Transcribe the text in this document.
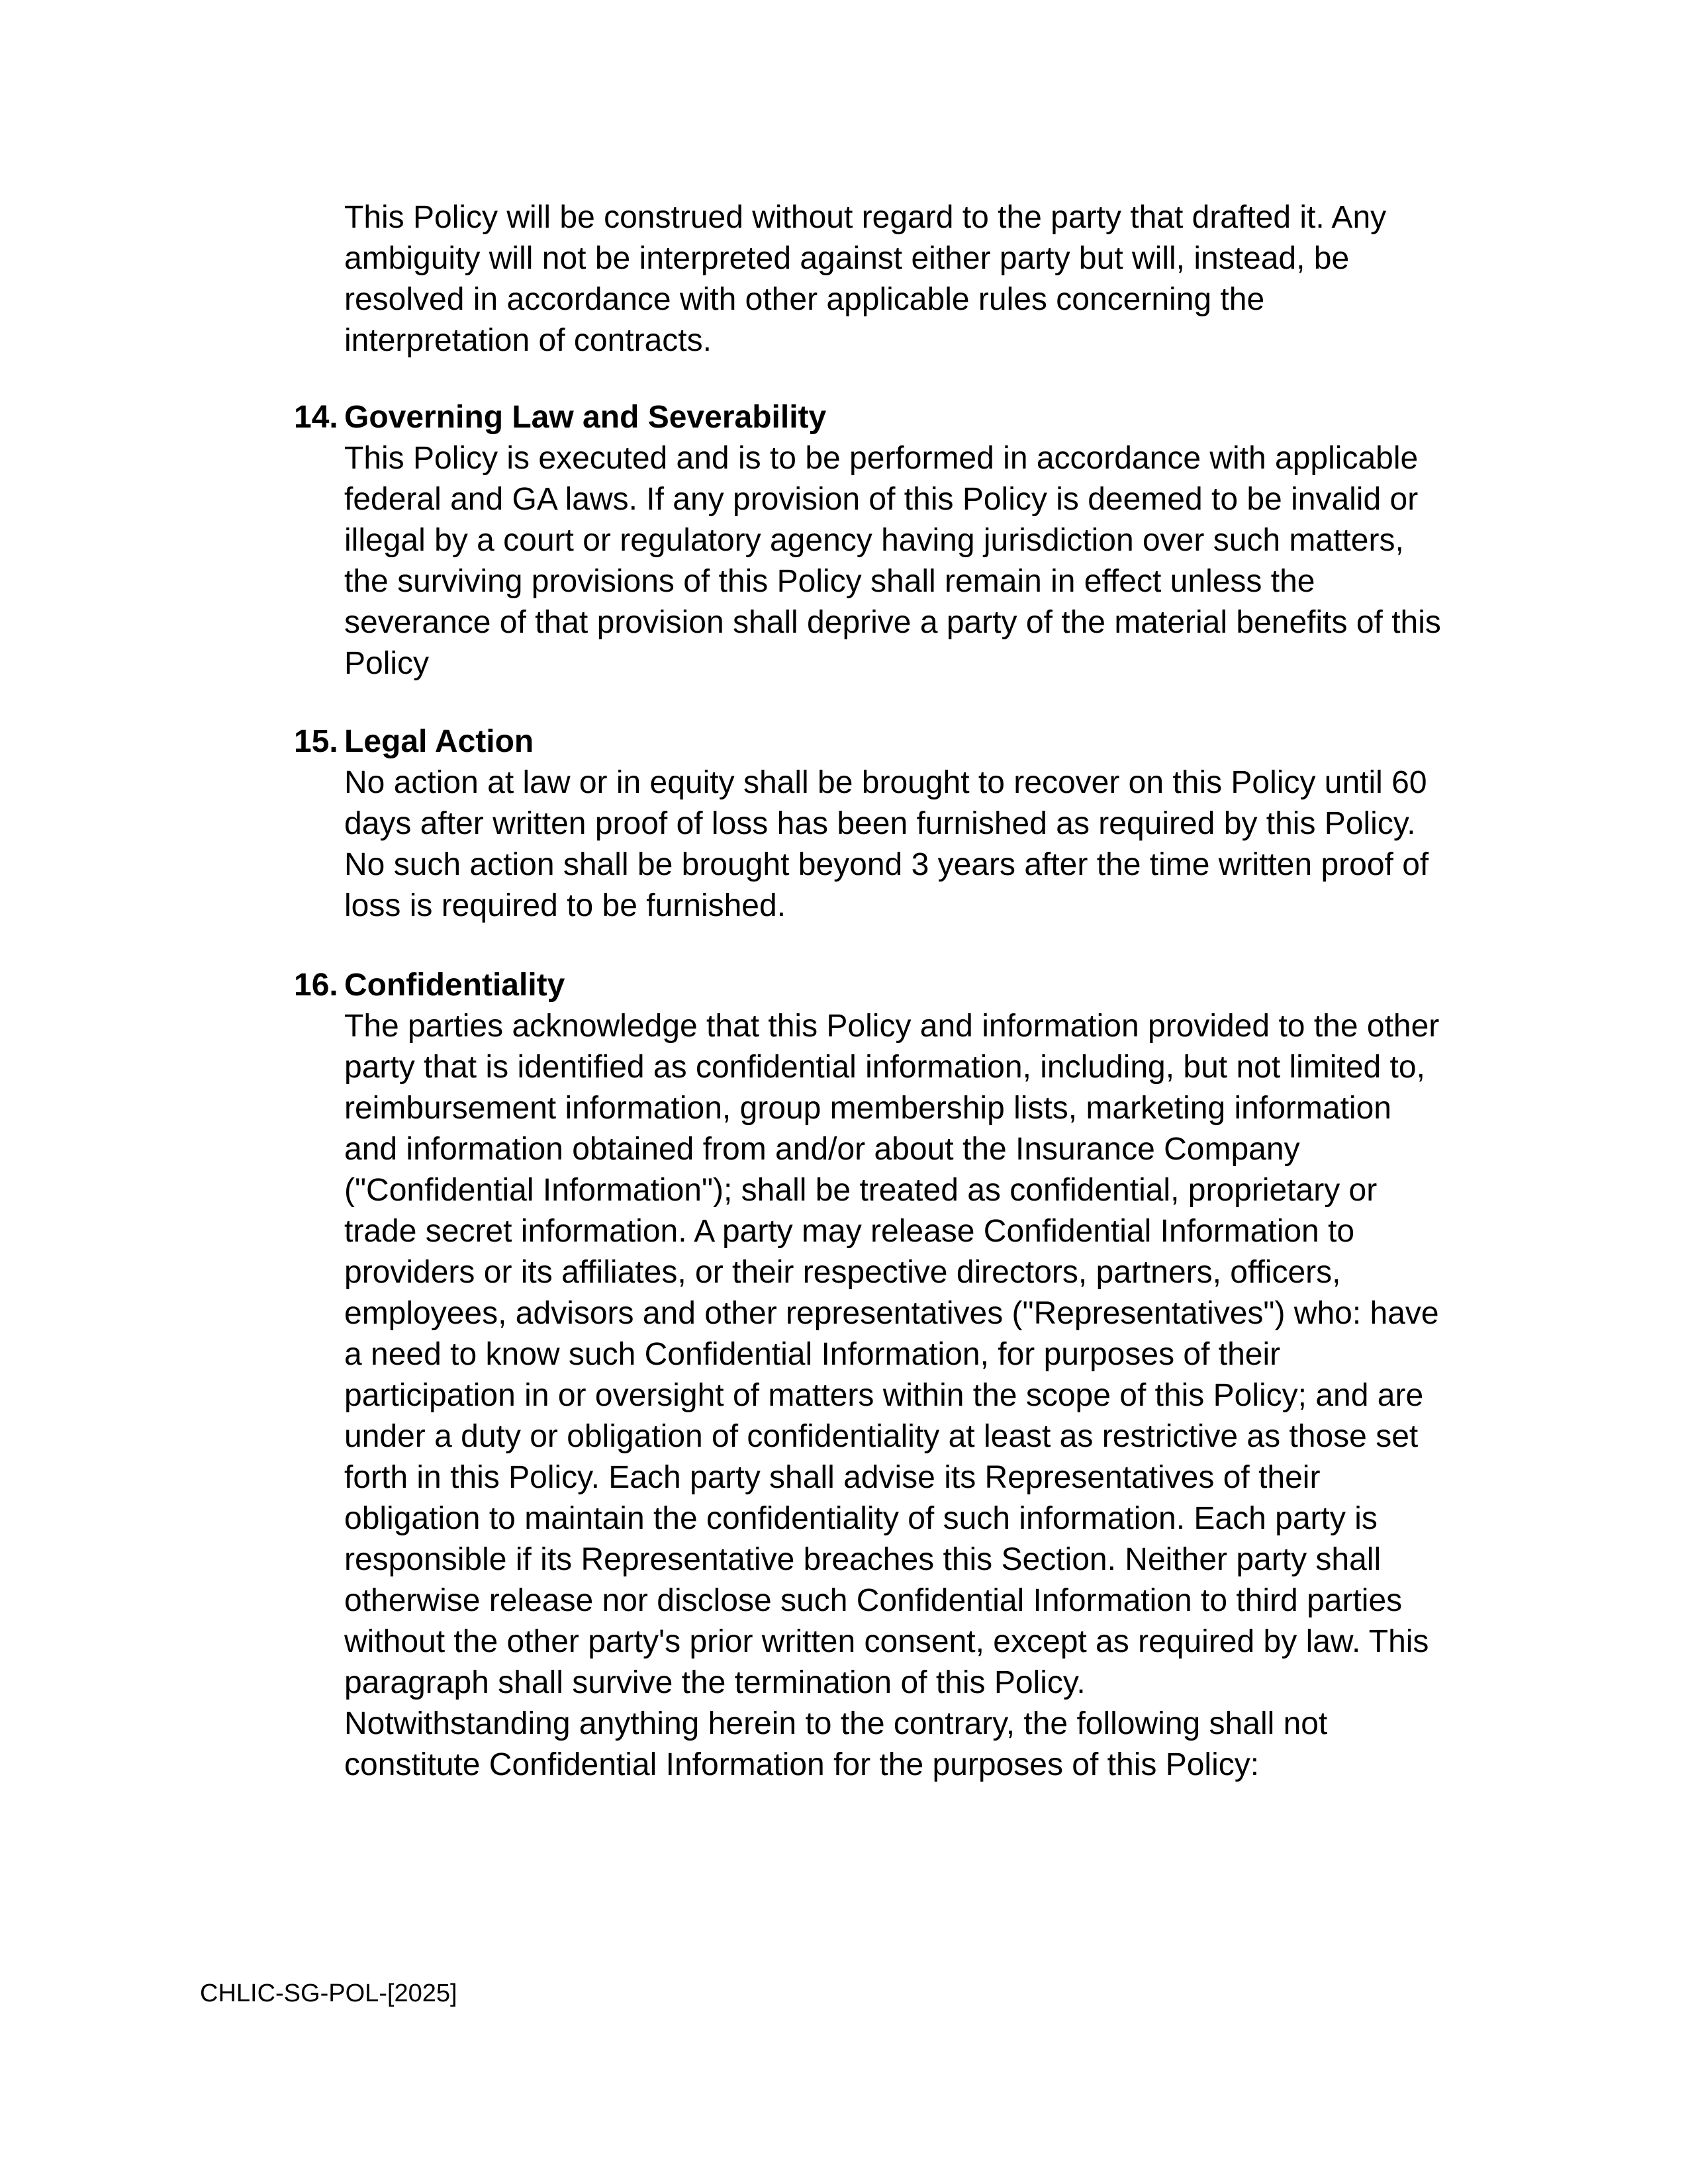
This Policy will be construed without regard to the party that drafted it. Any
ambiguity will not be interpreted against either party but will, instead, be
resolved in accordance with other applicable rules concerning the
interpretation of contracts.
14. Governing Law and Severability
This Policy is executed and is to be performed in accordance with applicable
federal and GA laws. If any provision of this Policy is deemed to be invalid or
illegal by a court or regulatory agency having jurisdiction over such matters,
the surviving provisions of this Policy shall remain in effect unless the
severance of that provision shall deprive a party of the material benefits of this
Policy
15. Legal Action
No action at law or in equity shall be brought to recover on this Policy until 60
days after written proof of loss has been furnished as required by this Policy.
No such action shall be brought beyond 3 years after the time written proof of
loss is required to be furnished.
16. Confidentiality
The parties acknowledge that this Policy and information provided to the other
party that is identified as confidential information, including, but not limited to,
reimbursement information, group membership lists, marketing information
and information obtained from and/or about the Insurance Company
("Confidential Information"); shall be treated as confidential, proprietary or
trade secret information. A party may release Confidential Information to
providers or its affiliates, or their respective directors, partners, officers,
employees, advisors and other representatives ("Representatives") who: have
a need to know such Confidential Information, for purposes of their
participation in or oversight of matters within the scope of this Policy; and are
under a duty or obligation of confidentiality at least as restrictive as those set
forth in this Policy. Each party shall advise its Representatives of their
obligation to maintain the confidentiality of such information. Each party is
responsible if its Representative breaches this Section. Neither party shall
otherwise release nor disclose such Confidential Information to third parties
without the other party's prior written consent, except as required by law. This
paragraph shall survive the termination of this Policy.
Notwithstanding anything herein to the contrary, the following shall not
constitute Confidential Information for the purposes of this Policy:
CHLIC-SG-POL-[2025]
